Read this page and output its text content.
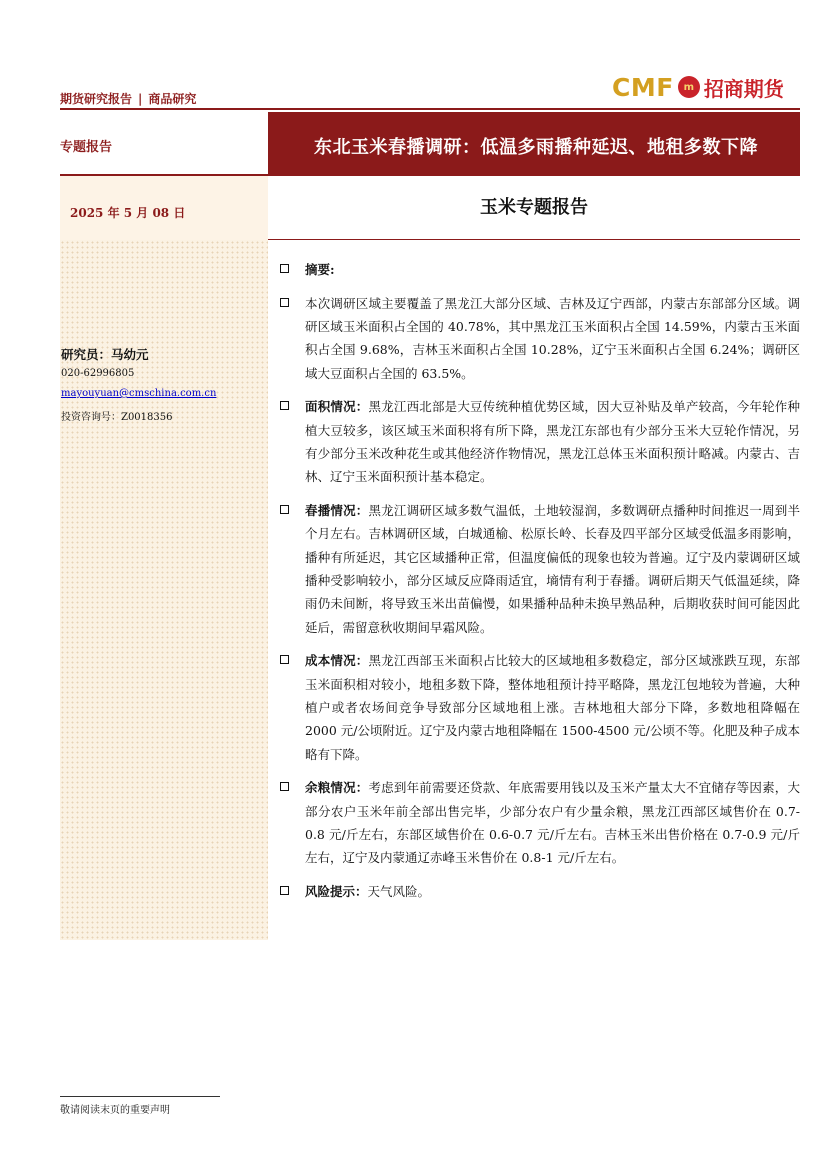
期货研究报告 | 商品研究	CMF m 招商期货
专题报告	东北玉米春播调研：低温多雨播种延迟、地租多数下降
2025 年 5 月 08 日	玉米专题报告
研究员：马幼元
020-62996805
mayouyuan@cmschina.com.cn
投资咨询号：Z0018356
摘要:
本次调研区域主要覆盖了黑龙江大部分区域、吉林及辽宁西部，内蒙古东部部分区域。调研区域玉米面积占全国的 40.78%，其中黑龙江玉米面积占全国 14.59%，内蒙古玉米面积占全国 9.68%，吉林玉米面积占全国 10.28%，辽宁玉米面积占全国 6.24%；调研区域大豆面积占全国的 63.5%。
面积情况：黑龙江西北部是大豆传统种植优势区域，因大豆补贴及单产较高，今年轮作种植大豆较多，该区域玉米面积将有所下降，黑龙江东部也有少部分玉米大豆轮作情况，另有少部分玉米改种花生或其他经济作物情况，黑龙江总体玉米面积预计略减。内蒙古、吉林、辽宁玉米面积预计基本稳定。
春播情况：黑龙江调研区域多数气温低，土地较湿润，多数调研点播种时间推迟一周到半个月左右。吉林调研区域，白城通榆、松原长岭、长春及四平部分区域受低温多雨影响，播种有所延迟，其它区域播种正常，但温度偏低的现象也较为普遍。辽宁及内蒙调研区域播种受影响较小，部分区域反应降雨适宜，墒情有利于春播。调研后期天气低温延续，降雨仍未间断，将导致玉米出苗偏慢，如果播种品种未换早熟品种，后期收获时间可能因此延后，需留意秋收期间早霜风险。
成本情况：黑龙江西部玉米面积占比较大的区域地租多数稳定，部分区域涨跌互现，东部玉米面积相对较小，地租多数下降，整体地租预计持平略降，黑龙江包地较为普遍，大种植户或者农场间竞争导致部分区域地租上涨。吉林地租大部分下降，多数地租降幅在 2000 元/公顷附近。辽宁及内蒙古地租降幅在 1500-4500 元/公顷不等。化肥及种子成本略有下降。
余粮情况：考虑到年前需要还贷款、年底需要用钱以及玉米产量太大不宜储存等因素，大部分农户玉米年前全部出售完毕，少部分农户有少量余粮，黑龙江西部区域售价在 0.7-0.8 元/斤左右，东部区域售价在 0.6-0.7 元/斤左右。吉林玉米出售价格在 0.7-0.9 元/斤左右，辽宁及内蒙通辽赤峰玉米售价在 0.8-1 元/斤左右。
风险提示：天气风险。
敬请阅读末页的重要声明
